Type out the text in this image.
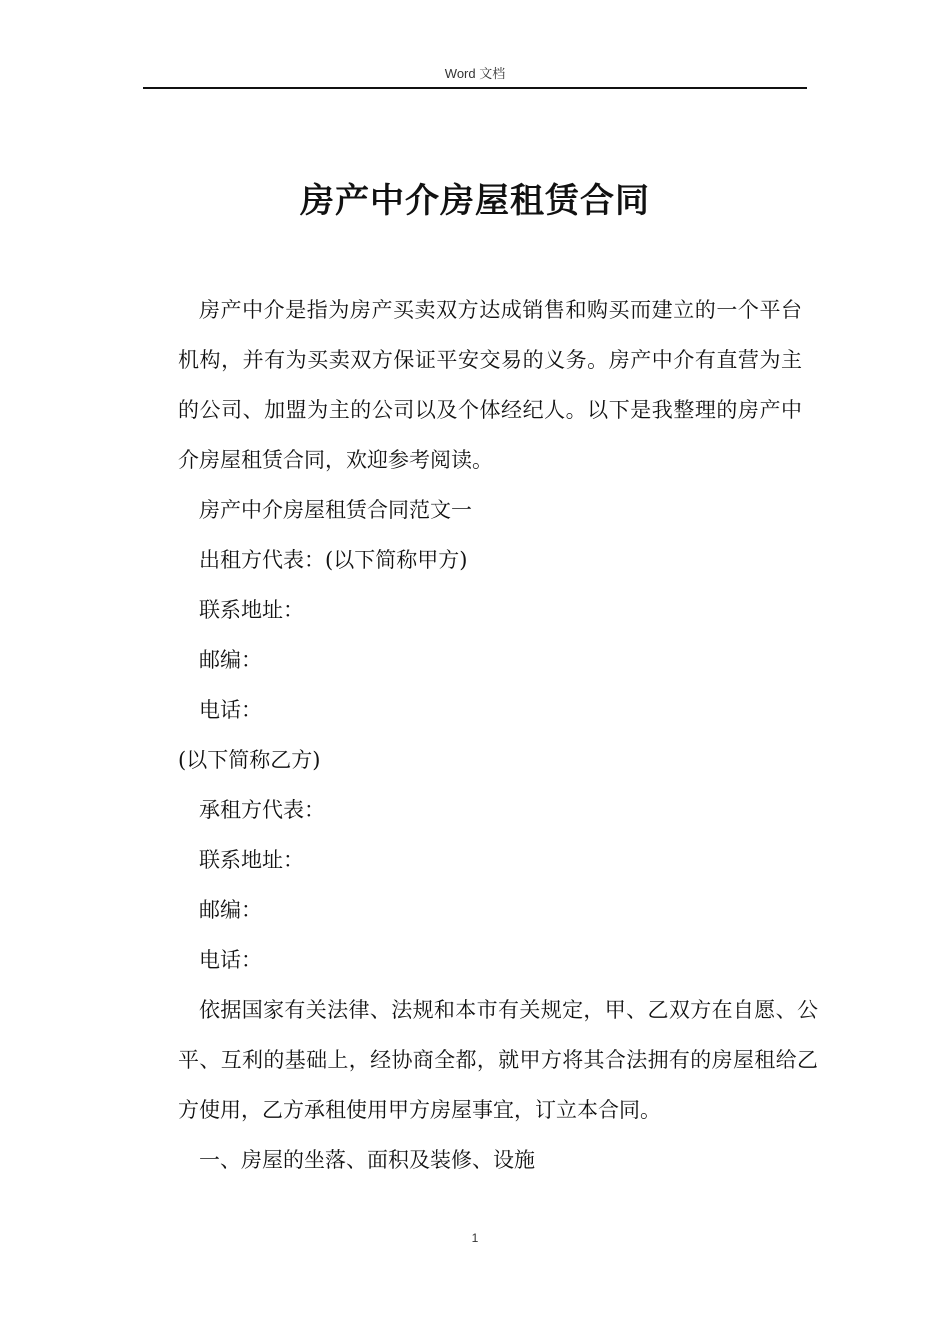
Word 文档
房产中介房屋租赁合同

房产中介是指为房产买卖双方达成销售和购买而建立的一个平台机构，并有为买卖双方保证平安交易的义务。房产中介有直营为主的公司、加盟为主的公司以及个体经纪人。以下是我整理的房产中介房屋租赁合同，欢迎参考阅读。

房产中介房屋租赁合同范文一

出租方代表：(以下简称甲方)

联系地址：

邮编：

电话：

(以下简称乙方)

承租方代表：

联系地址：

邮编：

电话：

依据国家有关法律、法规和本市有关规定，甲、乙双方在自愿、公平、互利的基础上，经协商全都，就甲方将其合法拥有的房屋租给乙方使用，乙方承租使用甲方房屋事宜，订立本合同。

一、房屋的坐落、面积及装修、设施

1
